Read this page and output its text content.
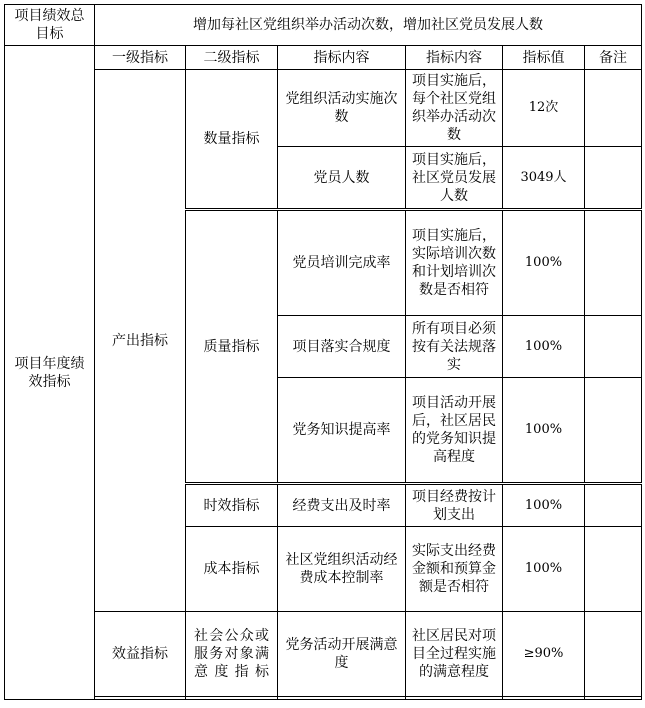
项目绩效总目标	增加每社区党组织举办活动次数，增加社区党员发展人数					
项目年度绩效指标	一级指标	二级指标	指标内容	指标内容	指标值	备注
	产出指标	数量指标	党组织活动实施次数	项目实施后，每个社区党组织举办活动次数	12次	
			党员人数	项目实施后，社区党员发展人数	3049人	
		质量指标	党员培训完成率	项目实施后，实际培训次数和计划培训次数是否相符	100%	
			项目落实合规度	所有项目必须按有关法规落实	100%	
			党务知识提高率	项目活动开展后，社区居民的党务知识提高程度	100%	
		时效指标	经费支出及时率	项目经费按计划支出	100%	
		成本指标	社区党组织活动经费成本控制率	实际支出经费金额和预算金额是否相符	100%	
	效益指标	社会公众或服务对象满意度指标	党务活动开展满意度	社区居民对项目全过程实施的满意程度	≥90%	
